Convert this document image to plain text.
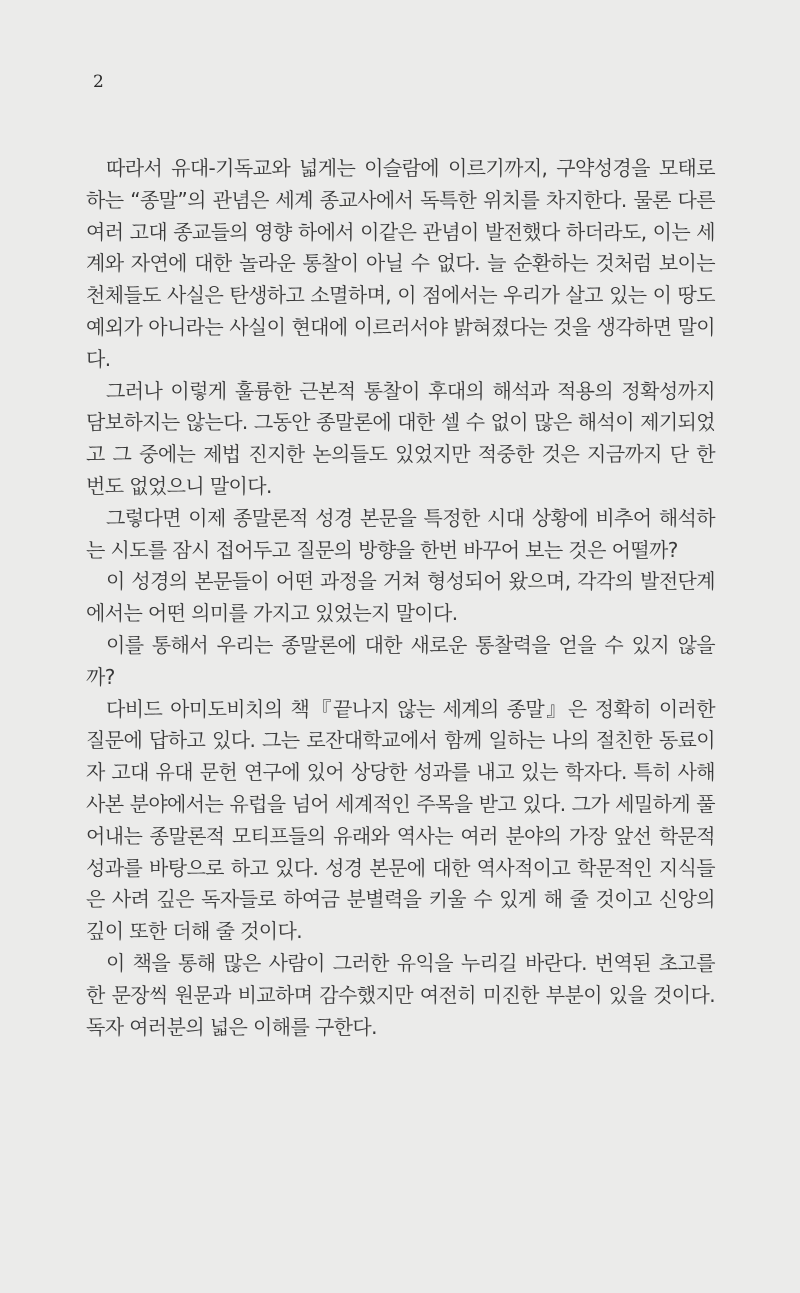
2

따라서 유대-기독교와 넓게는 이슬람에 이르기까지, 구약성경을 모태로 하는 “종말”의 관념은 세계 종교사에서 독특한 위치를 차지한다. 물론 다른 여러 고대 종교들의 영향 하에서 이같은 관념이 발전했다 하더라도, 이는 세계와 자연에 대한 놀라운 통찰이 아닐 수 없다. 늘 순환하는 것처럼 보이는 천체들도 사실은 탄생하고 소멸하며, 이 점에서는 우리가 살고 있는 이 땅도 예외가 아니라는 사실이 현대에 이르러서야 밝혀졌다는 것을 생각하면 말이다.

그러나 이렇게 훌륭한 근본적 통찰이 후대의 해석과 적용의 정확성까지 담보하지는 않는다. 그동안 종말론에 대한 셀 수 없이 많은 해석이 제기되었고 그 중에는 제법 진지한 논의들도 있었지만 적중한 것은 지금까지 단 한 번도 없었으니 말이다.

그렇다면 이제 종말론적 성경 본문을 특정한 시대 상황에 비추어 해석하는 시도를 잠시 접어두고 질문의 방향을 한번 바꾸어 보는 것은 어떨까?

이 성경의 본문들이 어떤 과정을 거쳐 형성되어 왔으며, 각각의 발전단계에서는 어떤 의미를 가지고 있었는지 말이다.

이를 통해서 우리는 종말론에 대한 새로운 통찰력을 얻을 수 있지 않을까?

다비드 아미도비치의 책『끝나지 않는 세계의 종말』은 정확히 이러한 질문에 답하고 있다. 그는 로잔대학교에서 함께 일하는 나의 절친한 동료이자 고대 유대 문헌 연구에 있어 상당한 성과를 내고 있는 학자다. 특히 사해 사본 분야에서는 유럽을 넘어 세계적인 주목을 받고 있다. 그가 세밀하게 풀어내는 종말론적 모티프들의 유래와 역사는 여러 분야의 가장 앞선 학문적 성과를 바탕으로 하고 있다. 성경 본문에 대한 역사적이고 학문적인 지식들은 사려 깊은 독자들로 하여금 분별력을 키울 수 있게 해 줄 것이고 신앙의 깊이 또한 더해 줄 것이다.

이 책을 통해 많은 사람이 그러한 유익을 누리길 바란다. 번역된 초고를 한 문장씩 원문과 비교하며 감수했지만 여전히 미진한 부분이 있을 것이다. 독자 여러분의 넓은 이해를 구한다.
